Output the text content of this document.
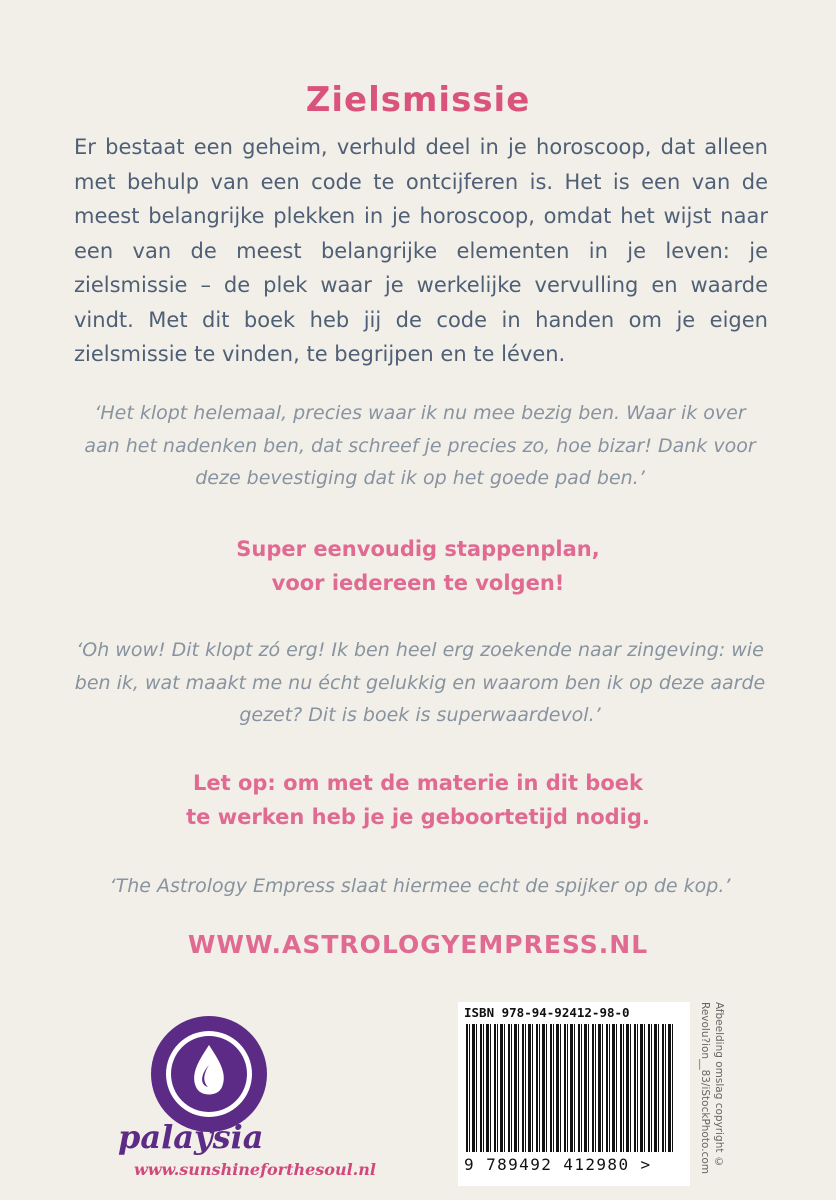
Zielsmissie
Er bestaat een geheim, verhuld deel in je horoscoop, dat alleen met behulp van een code te ontcijferen is. Het is een van de meest belangrijke plekken in je horoscoop, omdat het wijst naar een van de meest belangrijke elementen in je leven: je zielsmissie – de plek waar je werkelijke vervulling en waarde vindt. Met dit boek heb jij de code in handen om je eigen zielsmissie te vinden, te begrijpen en te léven.
‘Het klopt helemaal, precies waar ik nu mee bezig ben. Waar ik over aan het nadenken ben, dat schreef je precies zo, hoe bizar! Dank voor deze bevestiging dat ik op het goede pad ben.’
Super eenvoudig stappenplan,
voor iedereen te volgen!
‘Oh wow! Dit klopt zó erg! Ik ben heel erg zoekende naar zingeving: wie ben ik, wat maakt me nu écht gelukkig en waarom ben ik op deze aarde gezet? Dit is boek is superwaardevol.’
Let op: om met de materie in dit boek
te werken heb je je geboortetijd nodig.
‘The Astrology Empress slaat hiermee echt de spijker op de kop.’
WWW.ASTROLOGYEMPRESS.NL
palaysia
www.sunshineforthesoul.nl
ISBN 978-94-92412-98-0
9 789492 412980 >	Afbeelding omslag copyright © Revolu?ion__83/iStockPhoto.com
